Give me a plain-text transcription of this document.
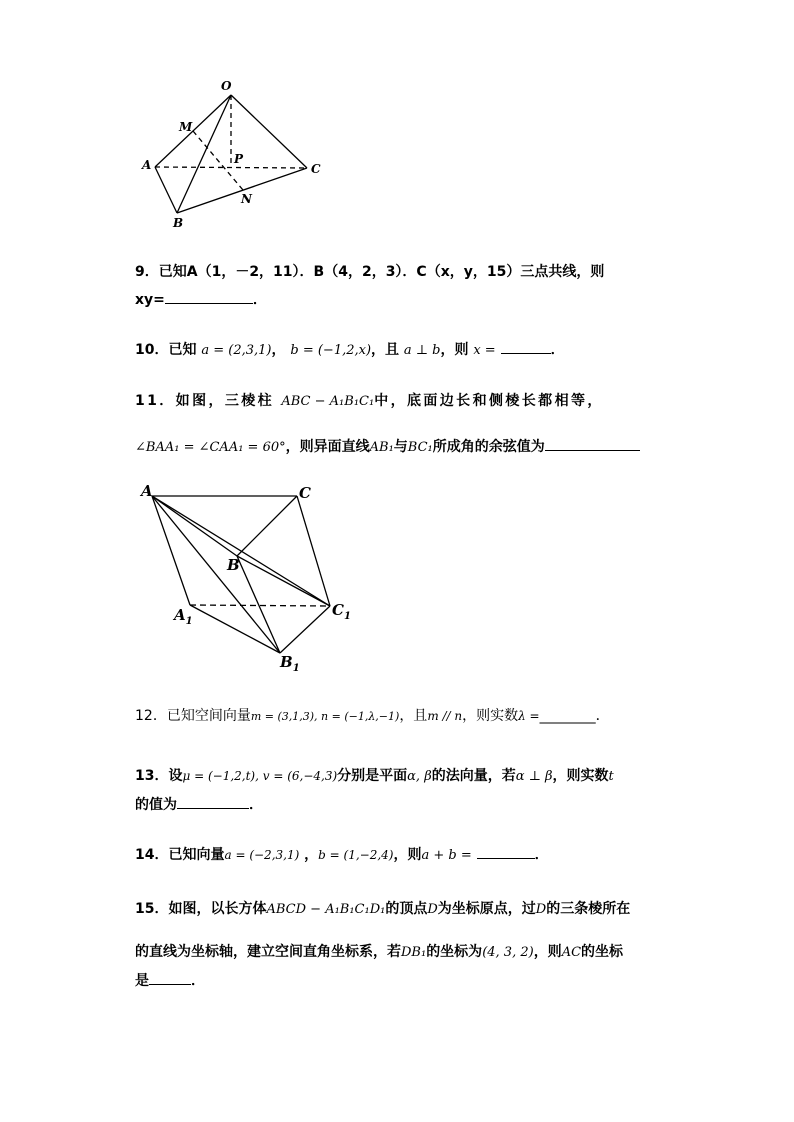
O
M
P
A	C
N
B
9．已知A（1，－2，11）．B（4，2，3）．C（x，y，15）三点共线，则
xy=	．
10．已知 a = (2,3,1)， b = (−1,2,x)，且 a ⊥ b，则 x =	．
11．如图，三棱柱 ABC − A₁B₁C₁中，底面边长和侧棱长都相等，
∠BAA₁ = ∠CAA₁ = 60°，则异面直线AB₁与BC₁所成角的余弦值为
A	C
B
$A_1$
$C_1$
$B_1$
12．已知空间向量m = (3,1,3), n = (−1,λ,−1)，且m // n，则实数λ =________．
13．设μ = (−1,2,t), v = (6,−4,3)分别是平面α, β的法向量，若α ⊥ β，则实数t
的值为	．
14．已知向量a = (−2,3,1) ，b = (1,−2,4)，则a + b =	．
15．如图，以长方体ABCD − A₁B₁C₁D₁的顶点D为坐标原点，过D的三条棱所在
的直线为坐标轴，建立空间直角坐标系，若DB₁的坐标为(4, 3, 2)，则AC的坐标
是	．
